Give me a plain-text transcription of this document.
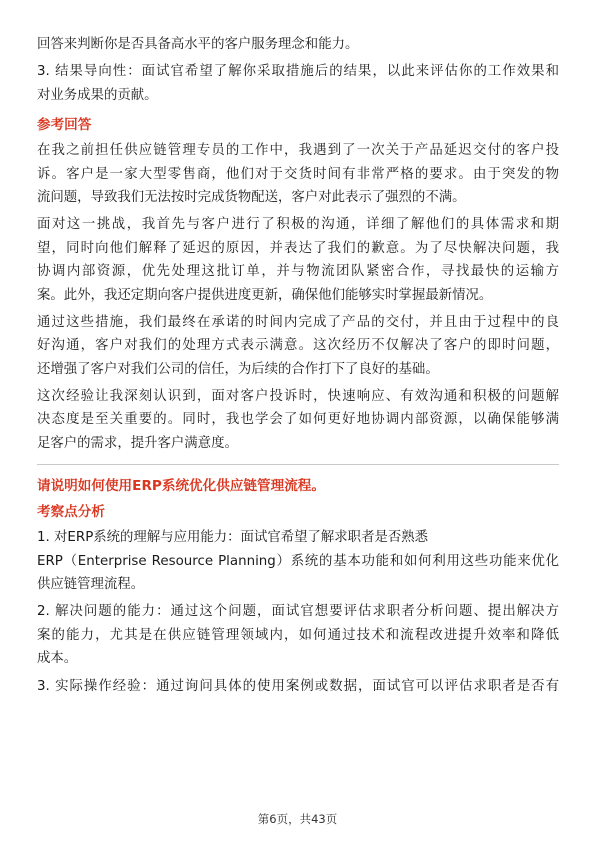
回答来判断你是否具备高水平的客户服务理念和能力。
3. 结果导向性：面试官希望了解你采取措施后的结果，以此来评估你的工作效果和
对业务成果的贡献。
参考回答
在我之前担任供应链管理专员的工作中，我遇到了一次关于产品延迟交付的客户投
诉。客户是一家大型零售商，他们对于交货时间有非常严格的要求。由于突发的物
流问题，导致我们无法按时完成货物配送，客户对此表示了强烈的不满。
面对这一挑战，我首先与客户进行了积极的沟通，详细了解他们的具体需求和期
望，同时向他们解释了延迟的原因，并表达了我们的歉意。为了尽快解决问题，我
协调内部资源，优先处理这批订单，并与物流团队紧密合作，寻找最快的运输方
案。此外，我还定期向客户提供进度更新，确保他们能够实时掌握最新情况。
通过这些措施，我们最终在承诺的时间内完成了产品的交付，并且由于过程中的良
好沟通，客户对我们的处理方式表示满意。这次经历不仅解决了客户的即时问题，
还增强了客户对我们公司的信任，为后续的合作打下了良好的基础。
这次经验让我深刻认识到，面对客户投诉时，快速响应、有效沟通和积极的问题解
决态度是至关重要的。同时，我也学会了如何更好地协调内部资源，以确保能够满
足客户的需求，提升客户满意度。
请说明如何使用ERP系统优化供应链管理流程。
考察点分析
1. 对ERP系统的理解与应用能力：面试官希望了解求职者是否熟悉
ERP（Enterprise Resource Planning）系统的基本功能和如何利用这些功能来优化
供应链管理流程。
2. 解决问题的能力：通过这个问题，面试官想要评估求职者分析问题、提出解决方
案的能力，尤其是在供应链管理领域内，如何通过技术和流程改进提升效率和降低
成本。
3. 实际操作经验：通过询问具体的使用案例或数据，面试官可以评估求职者是否有
第6页，共43页
